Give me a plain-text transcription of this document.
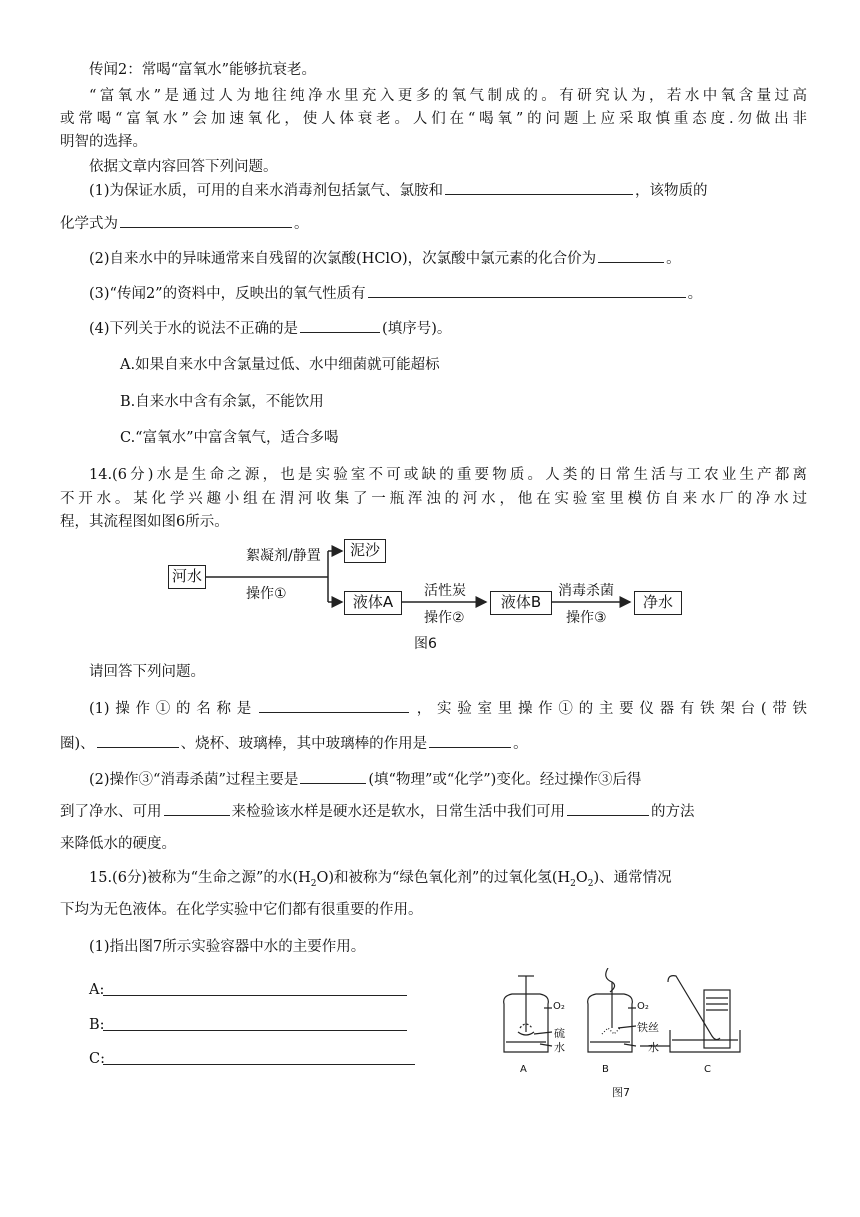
传闻2：常喝“富氧水”能够抗衰老。
“富氧水”是通过人为地往纯净水里充入更多的氧气制成的。有研究认为，若水中氧含量过高
或常喝“富氧水”会加速氧化，使人体衰老。人们在“喝氧”的问题上应采取慎重态度.勿做出非
明智的选择。
依据文章内容回答下列问题。
(1)为保证水质，可用的自来水消毒剂包括氯气、氯胺和	，该物质的
化学式为	。
(2)自来水中的异味通常来自残留的次氯酸(HClO)，次氯酸中氯元素的化合价为	。
(3)“传闻2”的资料中，反映出的氧气性质有	。
(4)下列关于水的说法不正确的是	(填序号)。
A.如果自来水中含氯量过低、水中细菌就可能超标
B.自来水中含有余氯，不能饮用
C.“富氧水”中富含氧气，适合多喝
14.(6分)水是生命之源，也是实验室不可或缺的重要物质。人类的日常生活与工农业生产都离
不开水。某化学兴趣小组在渭河收集了一瓶浑浊的河水，他在实验室里模仿自来水厂的净水过
程，其流程图如图6所示。
河水
絮凝剂/静置
操作①
泥沙
液体A
活性炭
操作②
液体B
消毒杀菌
操作③
净水
图6
请回答下列问题。
(1)操作①的名称是	，实验室里操作①的主要仪器有铁架台(带铁
圈)、	、烧杯、玻璃棒，其中玻璃棒的作用是	。
(2)操作③“消毒杀菌”过程主要是	(填“物理”或“化学”)变化。经过操作③后得
到了净水、可用	来检验该水样是硬水还是软水，日常生活中我们可用	的方法
来降低水的硬度。
15.(6分)被称为“生命之源”的水$(H_2O)$和被称为“绿色氧化剂”的过氧化氢$(H_2O_2)$、通常情况
下均为无色液体。在化学实验中它们都有很重要的作用。
(1)指出图7所示实验容器中水的主要作用。
A:
B:
C:
O₂
硫
水
O₂
铁丝
水
A	B	C
图7
